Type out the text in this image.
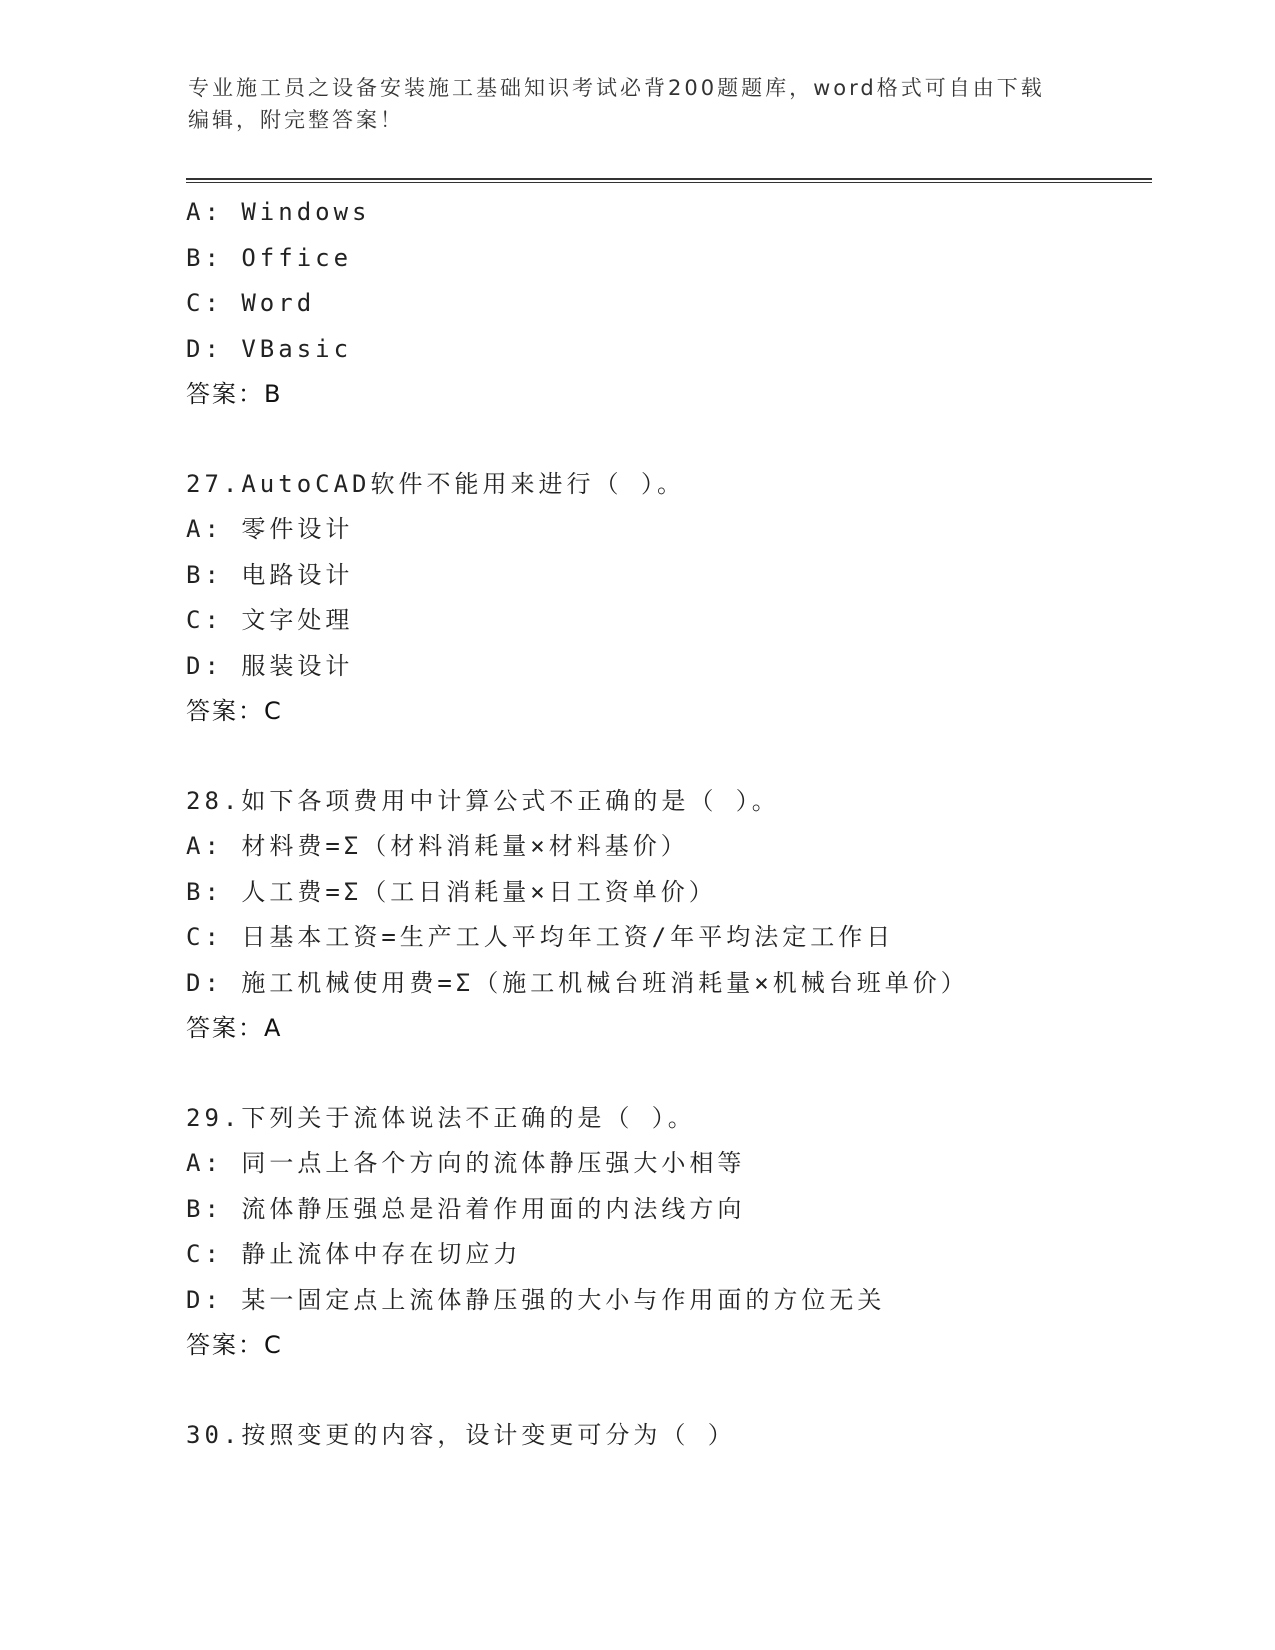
专业施工员之设备安装施工基础知识考试必背200题题库，word格式可自由下载
编辑，附完整答案！
A: Windows
B: Office
C: Word
D: VBasic
答案：B
27.AutoCAD软件不能用来进行（ ）。
A: 零件设计
B: 电路设计
C: 文字处理
D: 服装设计
答案：C
28.如下各项费用中计算公式不正确的是（ ）。
A: 材料费=Σ（材料消耗量×材料基价）
B: 人工费=Σ（工日消耗量×日工资单价）
C: 日基本工资=生产工人平均年工资/年平均法定工作日
D: 施工机械使用费=Σ（施工机械台班消耗量×机械台班单价）
答案：A
29.下列关于流体说法不正确的是（ ）。
A: 同一点上各个方向的流体静压强大小相等
B: 流体静压强总是沿着作用面的内法线方向
C: 静止流体中存在切应力
D: 某一固定点上流体静压强的大小与作用面的方位无关
答案：C
30.按照变更的内容，设计变更可分为（ ）
